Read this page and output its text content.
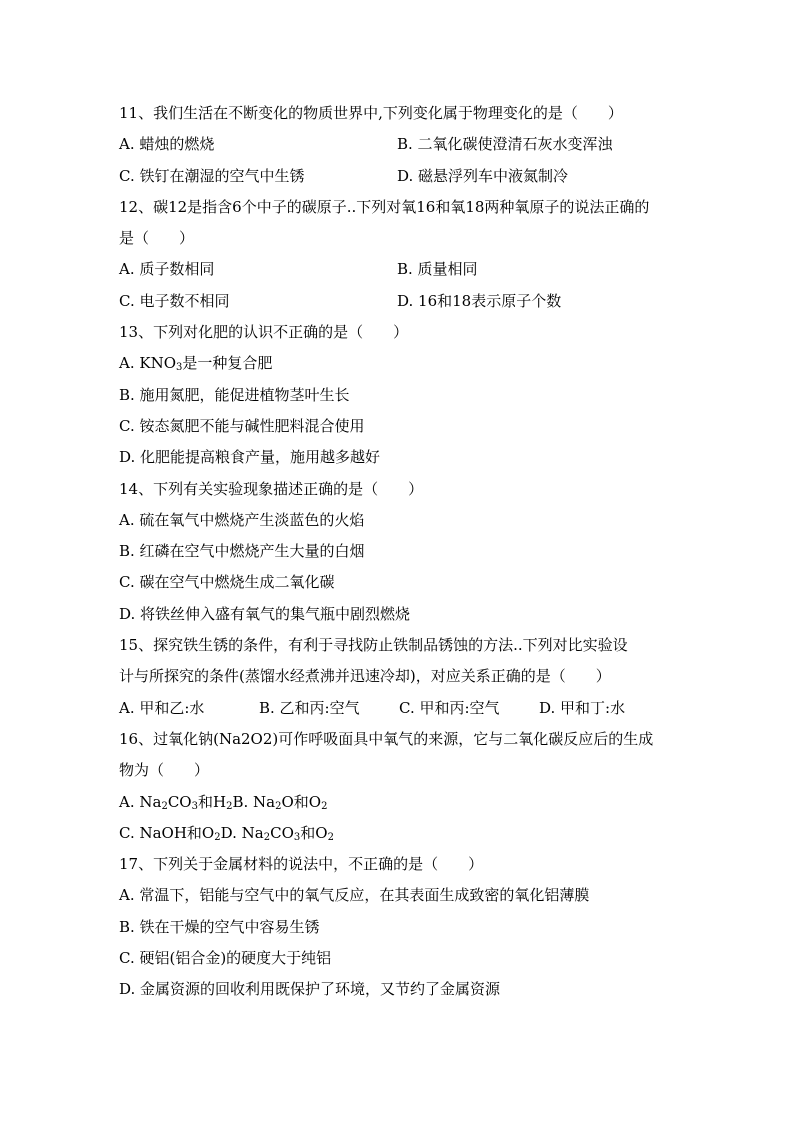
11、我们生活在不断变化的物质世界中,下列变化属于物理变化的是（　　）
A. 蜡烛的燃烧	B. 二氧化碳使澄清石灰水变浑浊
C. 铁钉在潮湿的空气中生锈	D. 磁悬浮列车中液氮制冷
12、碳12是指含6个中子的碳原子..下列对氧16和氧18两种氧原子的说法正确的
是（　　）
A. 质子数相同	B. 质量相同
C. 电子数不相同	D. 16和18表示原子个数
13、下列对化肥的认识不正确的是（　　）
A. $KNO_3$是一种复合肥
B. 施用氮肥，能促进植物茎叶生长
C. 铵态氮肥不能与碱性肥料混合使用
D. 化肥能提高粮食产量，施用越多越好
14、下列有关实验现象描述正确的是（　　）
A. 硫在氧气中燃烧产生淡蓝色的火焰
B. 红磷在空气中燃烧产生大量的白烟
C. 碳在空气中燃烧生成二氧化碳
D. 将铁丝伸入盛有氧气的集气瓶中剧烈燃烧
15、探究铁生锈的条件，有利于寻找防止铁制品锈蚀的方法..下列对比实验设
计与所探究的条件(蒸馏水经煮沸并迅速冷却)，对应关系正确的是（　　）
A. 甲和乙:水	B. 乙和丙:空气	C. 甲和丙:空气	D. 甲和丁:水
16、过氧化钠(Na2O2)可作呼吸面具中氧气的来源，它与二氧化碳反应后的生成
物为（　　）
A. $Na_2CO_3$和$H_2B$. $Na_2O$和$O_2$
C. NaOH和$O_2D$. $Na_2CO_3$和$O_2$
17、下列关于金属材料的说法中，不正确的是（　　）
A. 常温下，铝能与空气中的氧气反应，在其表面生成致密的氧化铝薄膜
B. 铁在干燥的空气中容易生锈
C. 硬铝(铝合金)的硬度大于纯铝
D. 金属资源的回收利用既保护了环境，又节约了金属资源
